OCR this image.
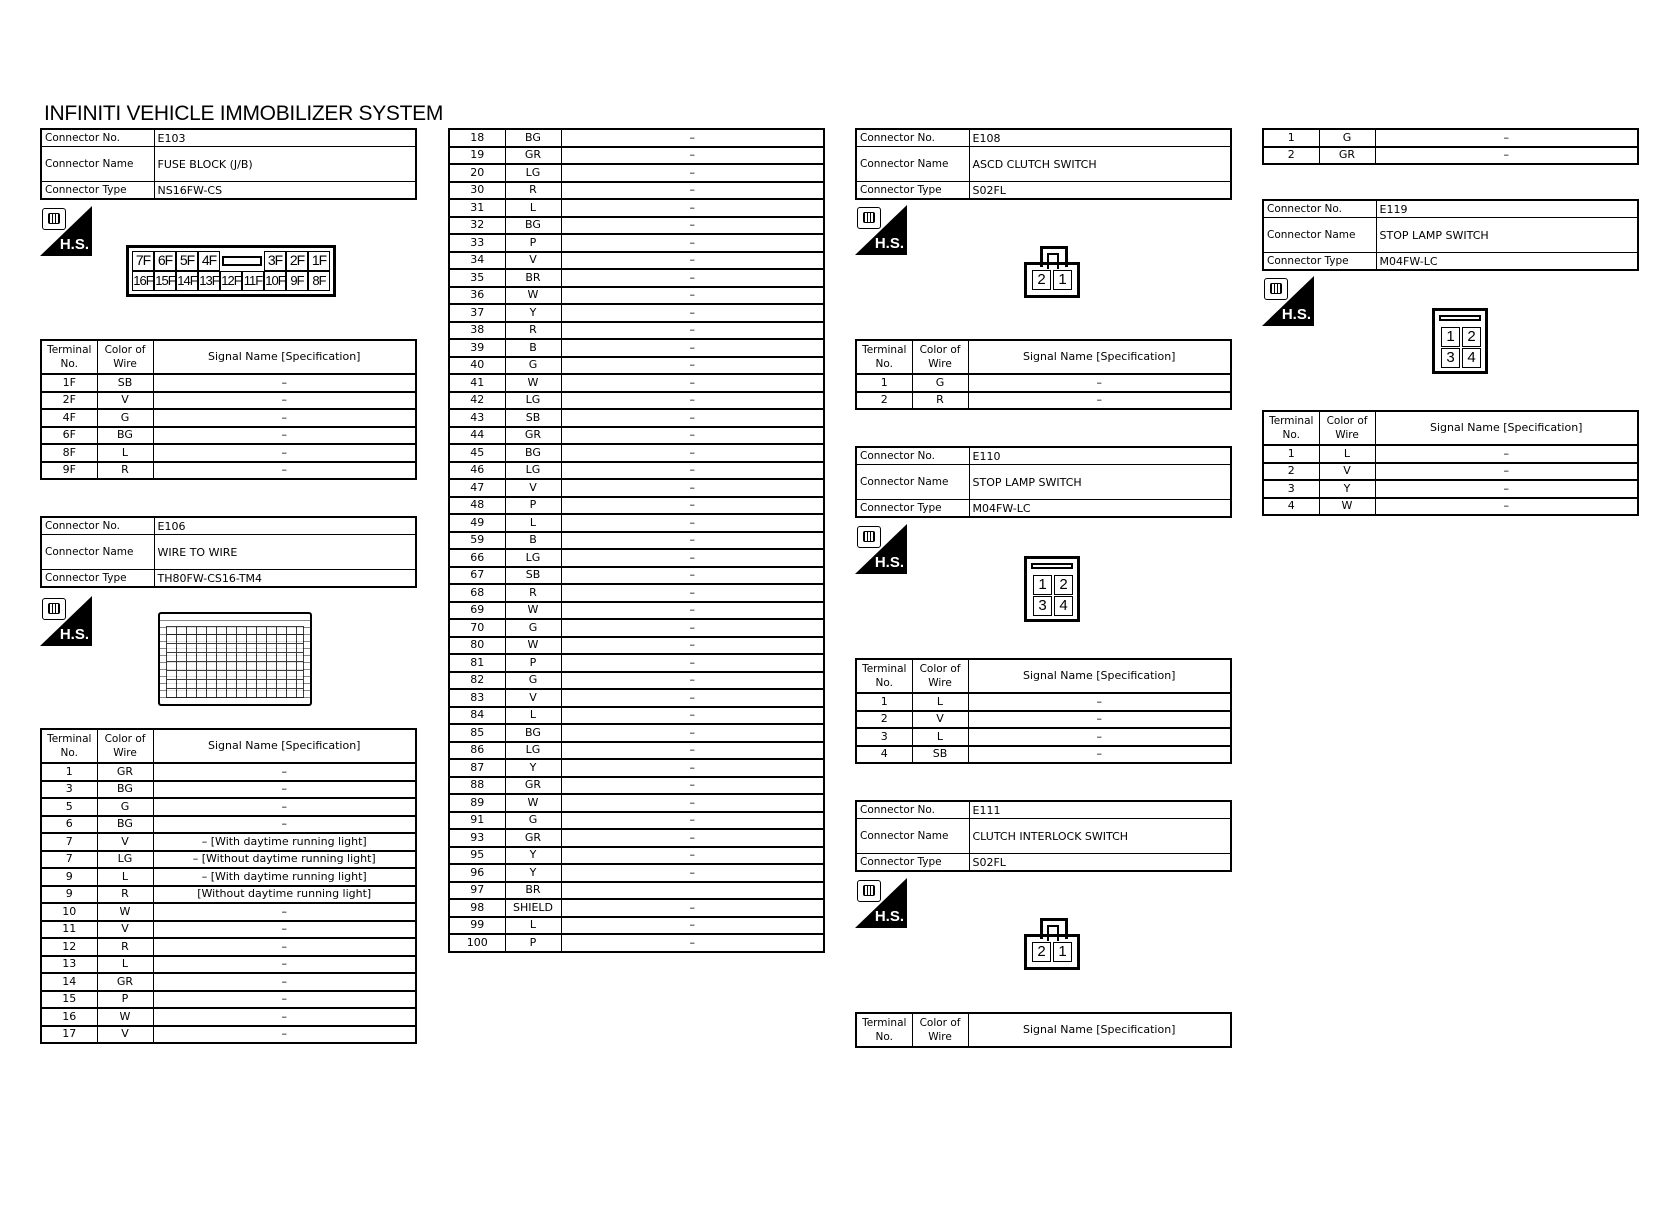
INFINITI VEHICLE IMMOBILIZER SYSTEM
Connector No.	E103
Connector Name	FUSE BLOCK (J/B)
Connector Type	NS16FW-CS
H.S.
7F 6F 5F 4F	3F 2F 1F
16F 15F 14F 13F 12F 11F 10F 9F 8F
Terminal No.	Color of Wire	Signal Name [Specification]
1F	SB	–
2F	V	–
4F	G	–
6F	BG	–
8F	L	–
9F	R	–
Connector No.	E106
Connector Name	WIRE TO WIRE
Connector Type	TH80FW-CS16-TM4
H.S.
Terminal No.	Color of Wire	Signal Name [Specification]
1	GR	–
3	BG	–
5	G	–
6	BG	–
7	V	– [With daytime running light]
7	LG	– [Without daytime running light]
9	L	– [With daytime running light]
9	R	[Without daytime running light]
10	W	–
11	V	–
12	R	–
13	L	–
14	GR	–
15	P	–
16	W	–
17	V	–
18	BG	–
19	GR	–
20	LG	–
30	R	–
31	L	–
32	BG	–
33	P	–
34	V	–
35	BR	–
36	W	–
37	Y	–
38	R	–
39	B	–
40	G	–
41	W	–
42	LG	–
43	SB	–
44	GR	–
45	BG	–
46	LG	–
47	V	–
48	P	–
49	L	–
59	B	–
66	LG	–
67	SB	–
68	R	–
69	W	–
70	G	–
80	W	–
81	P	–
82	G	–
83	V	–
84	L	–
85	BG	–
86	LG	–
87	Y	–
88	GR	–
89	W	–
91	G	–
93	GR	–
95	Y	–
96	Y	–
97	BR	
98	SHIELD	–
99	L	–
100	P	–
Connector No.	E108
Connector Name	ASCD CLUTCH SWITCH
Connector Type	S02FL
H.S.
2 1
Terminal No.	Color of Wire	Signal Name [Specification]
1	G	–
2	R	–
Connector No.	E110
Connector Name	STOP LAMP SWITCH
Connector Type	M04FW-LC
H.S.
1 2
3 4
Terminal No.	Color of Wire	Signal Name [Specification]
1	L	–
2	V	–
3	L	–
4	SB	–
Connector No.	E111
Connector Name	CLUTCH INTERLOCK SWITCH
Connector Type	S02FL
H.S.
2 1
Terminal No.	Color of Wire	Signal Name [Specification]
1	G	–
2	GR	–
Connector No.	E119
Connector Name	STOP LAMP SWITCH
Connector Type	M04FW-LC
H.S.
1 2
3 4
Terminal No.	Color of Wire	Signal Name [Specification]
1	L	–
2	V	–
3	Y	–
4	W	–
